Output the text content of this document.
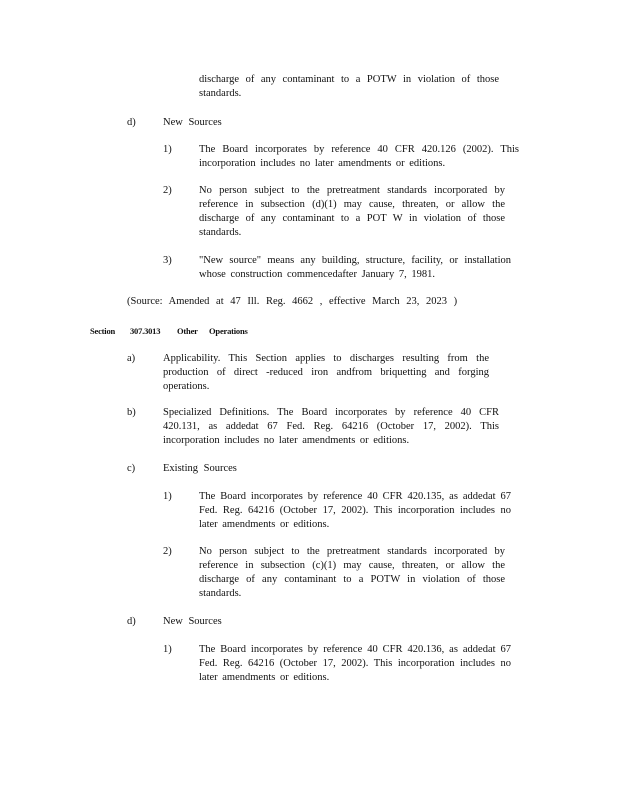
discharge of any contaminant to a POTW in violation of those standards.

d)	New Sources
1)	The Board incorporates by reference 40 CFR 420.126 (2002). This incorporation includes no later amendments or editions.

2)	No person subject to the pretreatment standards incorporated by reference in subsection (d)(1) may cause, threaten, or allow the discharge of any contaminant to a POT W in violation of those standards.

3)	"New source" means any building, structure, facility, or installation whose construction commencedafter January 7, 1981.

(Source: Amended at 47 Ill. Reg. 4662 , effective March 23, 2023 )

Section 307.3013 Other Operations
a)	Applicability. This Section applies to discharges resulting from the production of direct -reduced iron andfrom briquetting and forging operations.

b)	Specialized Definitions. The Board incorporates by reference 40 CFR 420.131, as addedat 67 Fed. Reg. 64216 (October 17, 2002). This incorporation includes no later amendments or editions.

c)	Existing Sources
1)	The Board incorporates by reference 40 CFR 420.135, as addedat 67 Fed. Reg. 64216 (October 17, 2002). This incorporation includes no later amendments or editions.

2)	No person subject to the pretreatment standards incorporated by reference in subsection (c)(1) may cause, threaten, or allow the discharge of any contaminant to a POTW in violation of those standards.

d)	New Sources
1)	The Board incorporates by reference 40 CFR 420.136, as addedat 67 Fed. Reg. 64216 (October 17, 2002). This incorporation includes no later amendments or editions.
